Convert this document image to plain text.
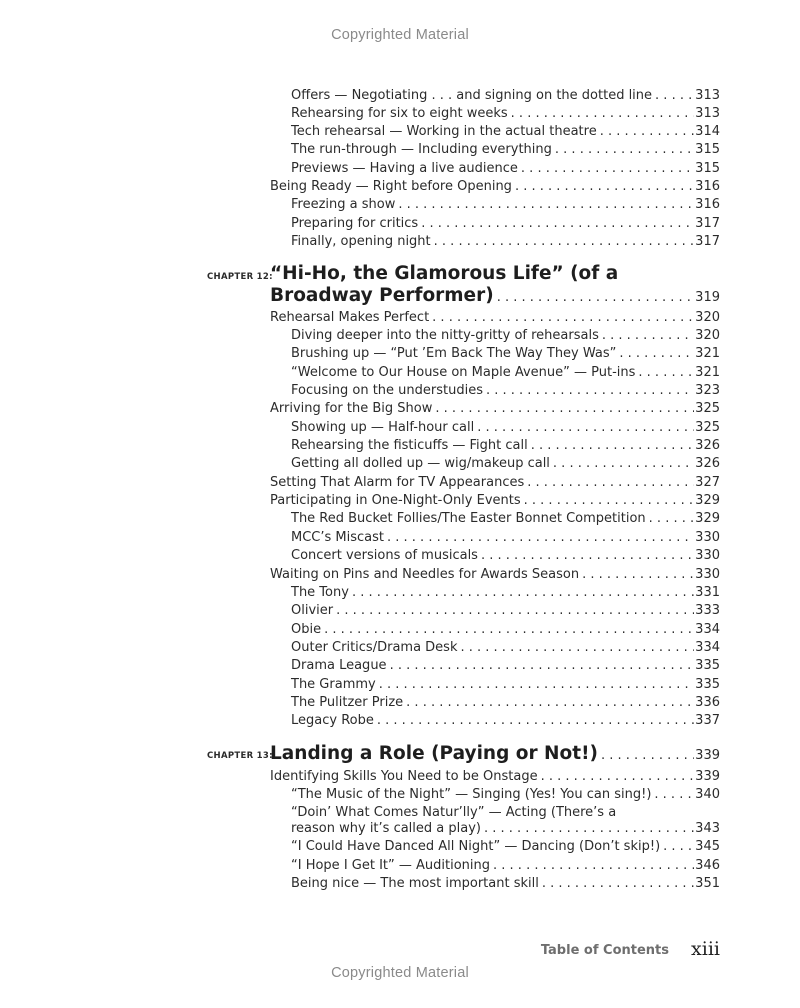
Copyrighted Material
Offers — Negotiating . . . and signing on the dotted line . . .	313
Rehearsing for six to eight weeks . . .	313
Tech rehearsal — Working in the actual theatre . . .	314
The run-through — Including everything . . .	315
Previews — Having a live audience . . .	315
Being Ready — Right before Opening . . .	316
Freezing a show . . .	316
Preparing for critics . . .	317
Finally, opening night . . .	317
CHAPTER 12:
“Hi-Ho, the Glamorous Life” (of a
Broadway Performer) . . .	319
Rehearsal Makes Perfect . . .	320
Diving deeper into the nitty-gritty of rehearsals . . .	320
Brushing up — “Put ’Em Back The Way They Was” . . .	321
“Welcome to Our House on Maple Avenue” — Put-ins . . .	321
Focusing on the understudies . . .	323
Arriving for the Big Show . . .	325
Showing up — Half-hour call . . .	325
Rehearsing the fisticuffs — Fight call . . .	326
Getting all dolled up — wig/makeup call . . .	326
Setting That Alarm for TV Appearances . . .	327
Participating in One-Night-Only Events . . .	329
The Red Bucket Follies/The Easter Bonnet Competition . . .	329
MCC’s Miscast . . .	330
Concert versions of musicals . . .	330
Waiting on Pins and Needles for Awards Season . . .	330
The Tony . . .	331
Olivier . . .	333
Obie . . .	334
Outer Critics/Drama Desk . . .	334
Drama League . . .	335
The Grammy . . .	335
The Pulitzer Prize . . .	336
Legacy Robe . . .	337
CHAPTER 13:
Landing a Role (Paying or Not!) . . .	339
Identifying Skills You Need to be Onstage . . .	339
“The Music of the Night” — Singing (Yes! You can sing!) . . .	340
“Doin’ What Comes Natur’lly” — Acting (There’s a
reason why it’s called a play) . . .	343
“I Could Have Danced All Night” — Dancing (Don’t skip!) . . .	345
“I Hope I Get It” — Auditioning . . .	346
Being nice — The most important skill . . .	351
Table of Contents xiii
Copyrighted Material
